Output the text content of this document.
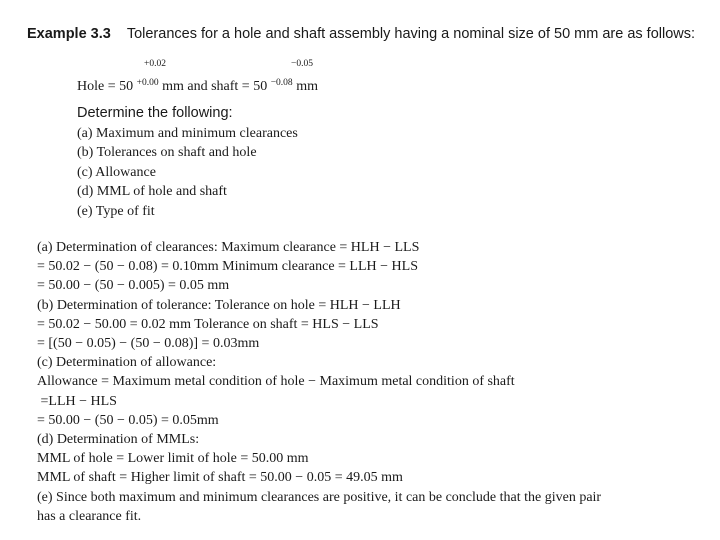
Example 3.3 Tolerances for a hole and shaft assembly having a nominal size of 50 mm are as follows:
+0.02	−0.05
Hole = 50 $^{+0.00}$ mm and shaft = 50 $^{-0.08}$ mm
Determine the following:
(a) Maximum and minimum clearances
(b) Tolerances on shaft and hole
(c) Allowance
(d) MML of hole and shaft
(e) Type of fit
(a) Determination of clearances: Maximum clearance = HLH − LLS
= 50.02 − (50 − 0.08) = 0.10mm Minimum clearance = LLH − HLS
= 50.00 − (50 − 0.005) = 0.05 mm
(b) Determination of tolerance: Tolerance on hole = HLH − LLH
= 50.02 − 50.00 = 0.02 mm Tolerance on shaft = HLS − LLS
= [(50 − 0.05) − (50 − 0.08)] = 0.03mm
(c) Determination of allowance:
Allowance = Maximum metal condition of hole − Maximum metal condition of shaft
=LLH − HLS
= 50.00 − (50 − 0.05) = 0.05mm
(d) Determination of MMLs:
MML of hole = Lower limit of hole = 50.00 mm
MML of shaft = Higher limit of shaft = 50.00 − 0.05 = 49.05 mm
(e) Since both maximum and minimum clearances are positive, it can be conclude that the given pair
has a clearance fit.
